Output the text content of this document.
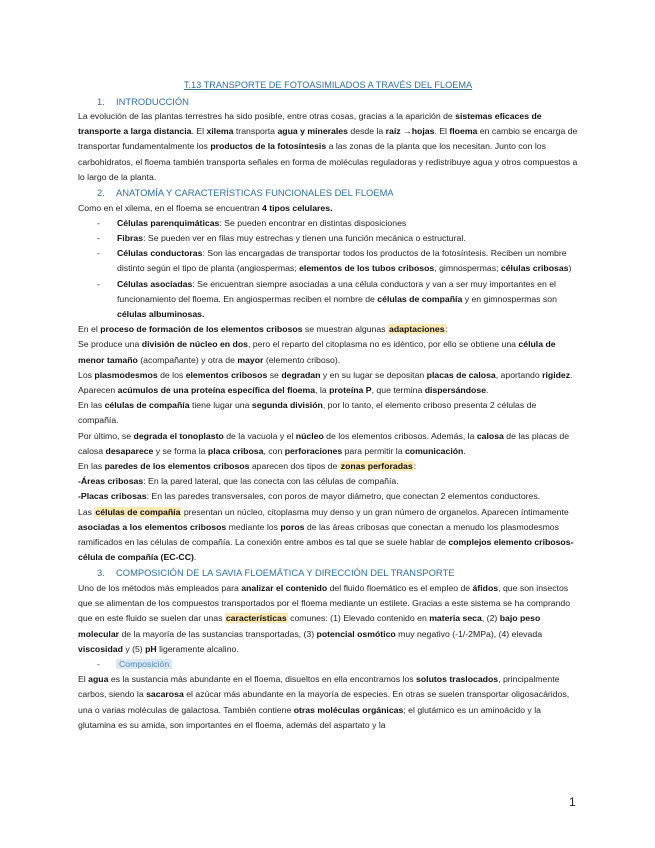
T.13 TRANSPORTE DE FOTOASIMILADOS A TRAVÉS DEL FLOEMA

1. INTRODUCCIÓN

La evolución de las plantas terrestres ha sido posible, entre otras cosas, gracias a la aparición de sistemas eficaces de transporte a larga distancia. El xilema transporta agua y minerales desde la raíz →hojas. El floema en cambio se encarga de transportar fundamentalmente los productos de la fotosíntesis a las zonas de la planta que los necesitan. Junto con los carbohidratos, el floema también transporta señales en forma de moléculas reguladoras y redistribuye agua y otros compuestos a lo largo de la planta.

2. ANATOMÍA Y CARACTERÍSTICAS FUNCIONALES DEL FLOEMA

Como en el xilema, en el floema se encuentran 4 tipos celulares.

- Células parenquimáticas: Se pueden encontrar en distintas disposiciones
- Fibras: Se pueden ver en filas muy estrechas y tienen una función mecánica o estructural.
- Células conductoras: Son las encargadas de transportar todos los productos de la fotosíntesis. Reciben un nombre distinto según el tipo de planta (angiospermas; elementos de los tubos cribosos, gimnospermas; células cribosas)
- Células asociadas: Se encuentran siempre asociadas a una célula conductora y van a ser muy importantes en el funcionamiento del floema. En angiospermas reciben el nombre de células de compañía y en gimnospermas son células albuminosas.

En el proceso de formación de los elementos cribosos se muestran algunas adaptaciones:

Se produce una división de núcleo en dos, pero el reparto del citoplasma no es idéntico, por ello se obtiene una célula de menor tamaño (acompañante) y otra de mayor (elemento criboso).

Los plasmodesmos de los elementos cribosos se degradan y en su lugar se depositan placas de calosa, aportando rigidez.

Aparecen acúmulos de una proteína específica del floema, la proteína P, que termina dispersándose.

En las células de compañía tiene lugar una segunda división, por lo tanto, el elemento criboso presenta 2 células de compañía.

Por último, se degrada el tonoplasto de la vacuola y el núcleo de los elementos cribosos. Además, la calosa de las placas de calosa desaparece y se forma la placa cribosa, con perforaciones para permitir la comunicación.

En las paredes de los elementos cribosos aparecen dos tipos de zonas perforadas:

-Áreas cribosas: En la pared lateral, que las conecta con las células de compañía.

-Placas cribosas: En las paredes transversales, con poros de mayor diámetro, que conectan 2 elementos conductores.

Las células de compañía presentan un núcleo, citoplasma muy denso y un gran número de organelos. Aparecen íntimamente asociadas a los elementos cribosos mediante los poros de las áreas cribosas que conectan a menudo los plasmodesmos ramificados en las células de compañía. La conexión entre ambos es tal que se suele hablar de complejos elemento cribosos-célula de compañía (EC-CC).

3. COMPOSICIÓN DE LA SAVIA FLOEMÁTICA Y DIRECCIÓN DEL TRANSPORTE

Uno de los métodos más empleados para analizar el contenido del fluido floemático es el empleo de áfidos, que son insectos que se alimentan de los compuestos transportados por el floema mediante un estilete. Gracias a este sistema se ha comprando que en este fluido se suelen dar unas características comunes: (1) Elevado contenido en materia seca, (2) bajo peso molecular de la mayoría de las sustancias transportadas, (3) potencial osmótico muy negativo (-1/-2MPa), (4) elevada viscosidad y (5) pH ligeramente alcalino.

- Composición

El agua es la sustancia más abundante en el floema, disueltos en ella encontramos los solutos traslocados, principalmente carbos, siendo la sacarosa el azúcar más abundante en la mayoría de especies. En otras se suelen transportar oligosacáridos, una o varias moléculas de galactosa. También contiene otras moléculas orgánicas; el glutámico es un aminoácido y la glutamina es su amida, son importantes en el floema, además del aspartato y la

1
